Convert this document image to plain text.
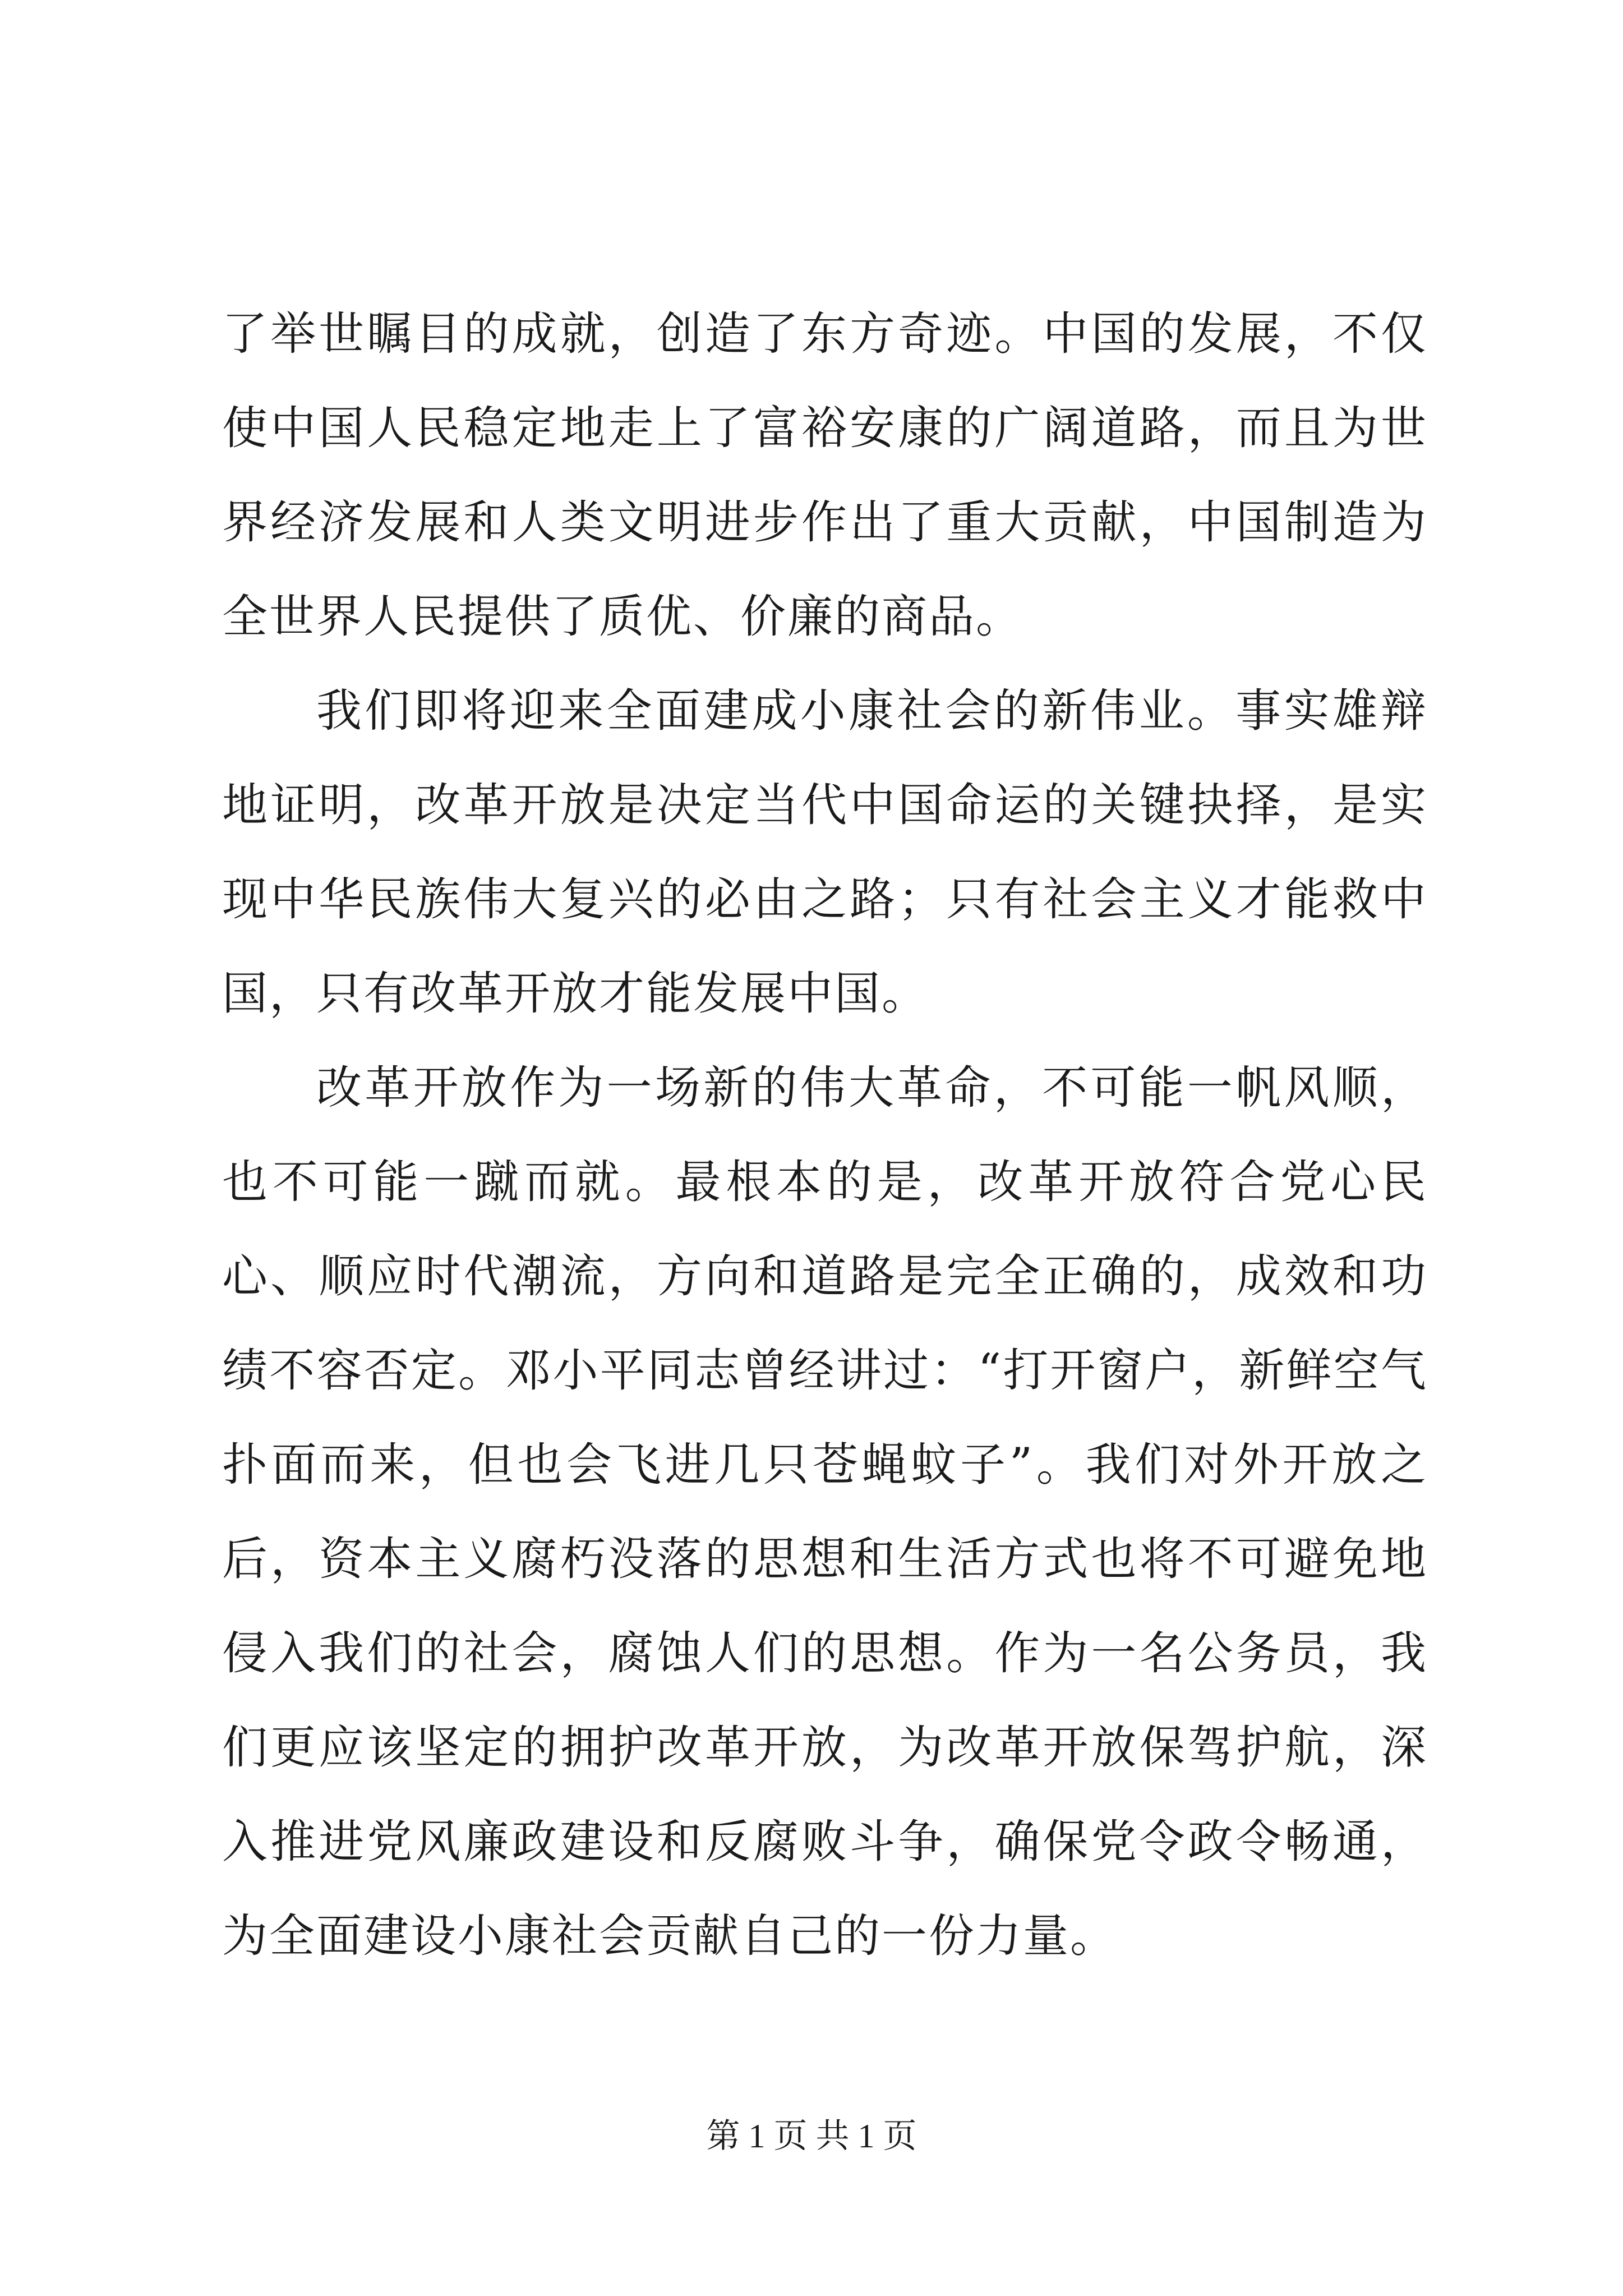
了举世瞩目的成就，创造了东方奇迹。中国的发展，不仅使中国人民稳定地走上了富裕安康的广阔道路，而且为世界经济发展和人类文明进步作出了重大贡献，中国制造为全世界人民提供了质优、价廉的商品。

我们即将迎来全面建成小康社会的新伟业。事实雄辩地证明，改革开放是决定当代中国命运的关键抉择，是实现中华民族伟大复兴的必由之路；只有社会主义才能救中国，只有改革开放才能发展中国。

改革开放作为一场新的伟大革命，不可能一帆风顺，也不可能一蹴而就。最根本的是，改革开放符合党心民心、顺应时代潮流，方向和道路是完全正确的，成效和功绩不容否定。邓小平同志曾经讲过：“打开窗户，新鲜空气扑面而来，但也会飞进几只苍蝇蚊子”。我们对外开放之后，资本主义腐朽没落的思想和生活方式也将不可避免地侵入我们的社会，腐蚀人们的思想。作为一名公务员，我们更应该坚定的拥护改革开放，为改革开放保驾护航，深入推进党风廉政建设和反腐败斗争，确保党令政令畅通，为全面建设小康社会贡献自己的一份力量。

第 1 页 共 1 页
